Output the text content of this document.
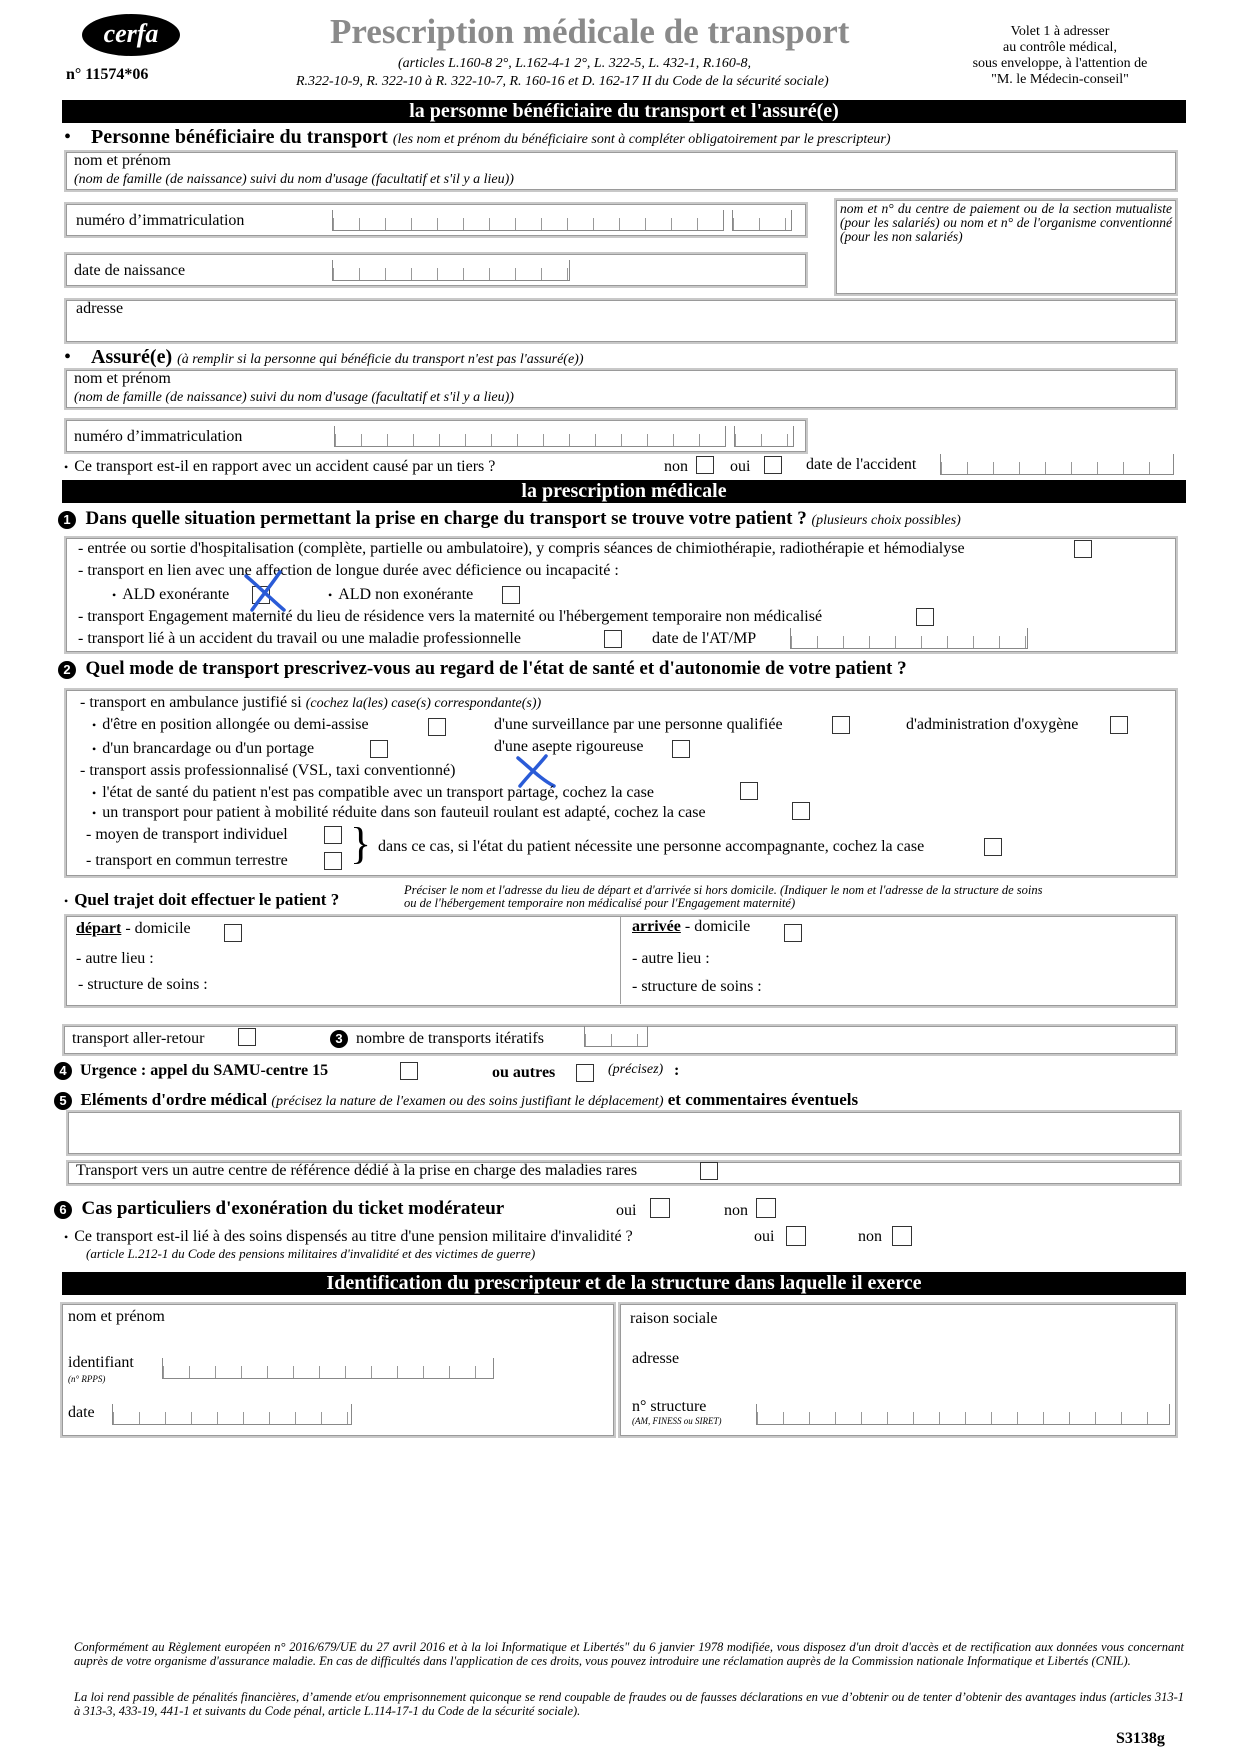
cerfa
n° 11574*06
Prescription médicale de transport
(articles L.160-8 2°, L.162-4-1 2°, L. 322-5, L. 432-1, R.160-8,
R.322-10-9, R. 322-10 à R. 322-10-7, R. 160-16 et D. 162-17 II du Code de la sécurité sociale)
Volet 1 à adresser
au contrôle médical,
sous enveloppe, à l'attention de
"M. le Médecin-conseil"
la personne bénéficiaire du transport et l'assuré(e)
•    Personne bénéficiaire du transport (les nom et prénom du bénéficiaire sont à compléter obligatoirement par le prescripteur)
nom et prénom
(nom de famille (de naissance) suivi du nom d'usage (facultatif et s'il y a lieu))
numéro d’immatriculation
nom et n° du centre de paiement ou de la section mutualiste (pour les salariés) ou nom et n° de l'organisme conventionné (pour les non salariés)
date de naissance
adresse
•    Assuré(e) (à remplir si la personne qui bénéficie du transport n'est pas l'assuré(e))
nom et prénom
(nom de famille (de naissance) suivi du nom d'usage (facultatif et s'il y a lieu))
numéro d’immatriculation
•  Ce transport est-il en rapport avec un accident causé par un tiers ?	non	oui	date de l'accident
la prescription médicale
1 Dans quelle situation permettant la prise en charge du transport se trouve votre patient ? (plusieurs choix possibles)
- entrée ou sortie d'hospitalisation (complète, partielle ou ambulatoire), y compris séances de chimiothérapie, radiothérapie et hémodialyse
- transport en lien avec une affection de longue durée avec déficience ou incapacité :
•  ALD exonérante	•  ALD non exonérante
- transport Engagement maternité du lieu de résidence vers la maternité ou l'hébergement temporaire non médicalisé
- transport lié à un accident du travail ou une maladie professionnelle	date de l'AT/MP
2 Quel mode de transport prescrivez-vous au regard de l'état de santé et d'autonomie de votre patient ?
- transport en ambulance justifié si (cochez la(les) case(s) correspondante(s))
•  d'être en position allongée ou demi-assise	d'une surveillance par une personne qualifiée	d'administration d'oxygène
•  d'un brancardage ou d'un portage	d'une asepte rigoureuse
- transport assis professionnalisé (VSL, taxi conventionné)
•  l'état de santé du patient n'est pas compatible avec un transport partagé, cochez la case
•  un transport pour patient à mobilité réduite dans son fauteuil roulant est adapté, cochez la case
- moyen de transport individuel
- transport en commun terrestre } dans ce cas, si l'état du patient nécessite une personne accompagnante, cochez la case
•  Quel trajet doit effectuer le patient ?	Préciser le nom et l'adresse du lieu de départ et d'arrivée si hors domicile. (Indiquer le nom et l'adresse de la structure de soins
ou de l'hébergement temporaire non médicalisé pour l'Engagement maternité)
départ - domicile
- autre lieu :
- structure de soins :
arrivée - domicile
- autre lieu :
- structure de soins :
transport aller-retour	3 nombre de transports itératifs
4 Urgence : appel du SAMU-centre 15	ou autres	(précisez) :
5 Eléments d'ordre médical (précisez la nature de l'examen ou des soins justifiant le déplacement) et commentaires éventuels
Transport vers un autre centre de référence dédié à la prise en charge des maladies rares
6 Cas particuliers d'exonération du ticket modérateur	oui	non
•  Ce transport est-il lié à des soins dispensés au titre d'une pension militaire d'invalidité ?	oui	non
(article L.212-1 du Code des pensions militaires d'invalidité et des victimes de guerre)
Identification du prescripteur et de la structure dans laquelle il exerce
nom et prénom
identifiant
(n° RPPS)
date
raison sociale
adresse
n° structure
(AM, FINESS ou SIRET)
Conformément au Règlement européen n° 2016/679/UE du 27 avril 2016 et à la loi Informatique et Libertés" du 6 janvier 1978 modifiée, vous disposez d'un droit d'accès et de rectification aux données vous concernant auprès de votre organisme d'assurance maladie. En cas de difficultés dans l'application de ces droits, vous pouvez introduire une réclamation auprès de la Commission nationale Informatique et Libertés (CNIL).
La loi rend passible de pénalités financières, d’amende et/ou emprisonnement quiconque se rend coupable de fraudes ou de fausses déclarations en vue d’obtenir ou de tenter d’obtenir des avantages indus (articles 313-1 à 313-3, 433-19, 441-1 et suivants du Code pénal, article L.114-17-1 du Code de la sécurité sociale).
S3138g
